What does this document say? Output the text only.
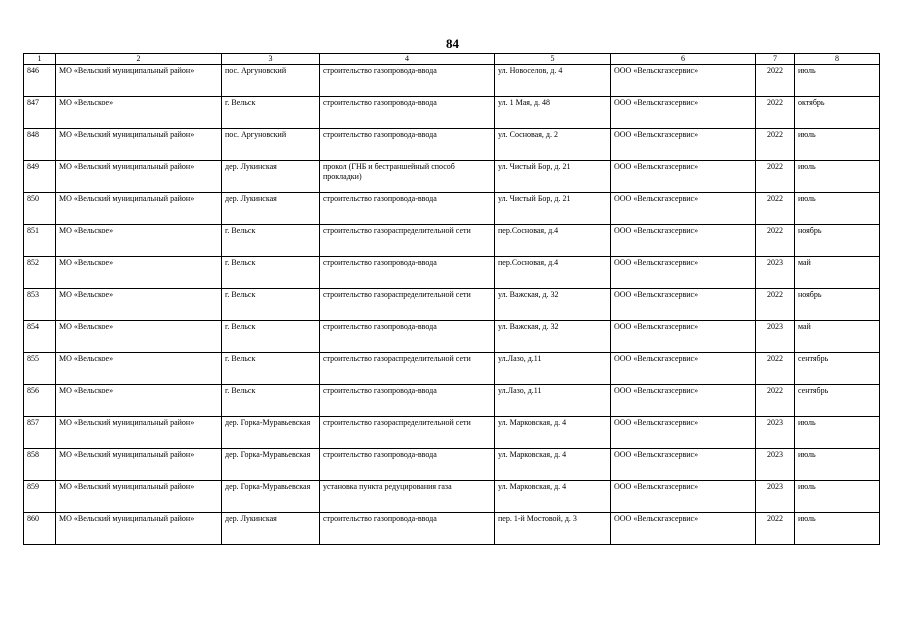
84
1	2	3	4	5	6	7	8
846	МО «Вельский муниципальный район»	пос. Аргуновский	строительство газопровода-ввода	ул. Новоселов, д. 4	ООО «Вельскгазсервис»	2022	июль
847	МО «Вельское»	г. Вельск	строительство газопровода-ввода	ул. 1 Мая, д. 48	ООО «Вельскгазсервис»	2022	октябрь
848	МО «Вельский муниципальный район»	пос. Аргуновский	строительство газопровода-ввода	ул. Сосновая, д. 2	ООО «Вельскгазсервис»	2022	июль
849	МО «Вельский муниципальный район»	дер. Лукинская	прокол (ГНБ и бестраншейный способ прокладки)	ул. Чистый Бор, д. 21	ООО «Вельскгазсервис»	2022	июль
850	МО «Вельский муниципальный район»	дер. Лукинская	строительство газопровода-ввода	ул. Чистый Бор, д. 21	ООО «Вельскгазсервис»	2022	июль
851	МО «Вельское»	г. Вельск	строительство газораспределительной сети	пер.Сосновая, д.4	ООО «Вельскгазсервис»	2022	ноябрь
852	МО «Вельское»	г. Вельск	строительство газопровода-ввода	пер.Сосновая, д.4	ООО «Вельскгазсервис»	2023	май
853	МО «Вельское»	г. Вельск	строительство газораспределительной сети	ул. Важская, д. 32	ООО «Вельскгазсервис»	2022	ноябрь
854	МО «Вельское»	г. Вельск	строительство газопровода-ввода	ул. Важская, д. 32	ООО «Вельскгазсервис»	2023	май
855	МО «Вельское»	г. Вельск	строительство газораспределительной сети	ул.Лазо, д.11	ООО «Вельскгазсервис»	2022	сентябрь
856	МО «Вельское»	г. Вельск	строительство газопровода-ввода	ул.Лазо, д.11	ООО «Вельскгазсервис»	2022	сентябрь
857	МО «Вельский муниципальный район»	дер. Горка-Муравьевская	строительство газораспределительной сети	ул. Марковская, д. 4	ООО «Вельскгазсервис»	2023	июль
858	МО «Вельский муниципальный район»	дер. Горка-Муравьевская	строительство газопровода-ввода	ул. Марковская, д. 4	ООО «Вельскгазсервис»	2023	июль
859	МО «Вельский муниципальный район»	дер. Горка-Муравьевская	установка пункта редуцирования газа	ул. Марковская, д. 4	ООО «Вельскгазсервис»	2023	июль
860	МО «Вельский муниципальный район»	дер. Лукинская	строительство газопровода-ввода	пер. 1-й Мостовой, д. 3	ООО «Вельскгазсервис»	2022	июль
